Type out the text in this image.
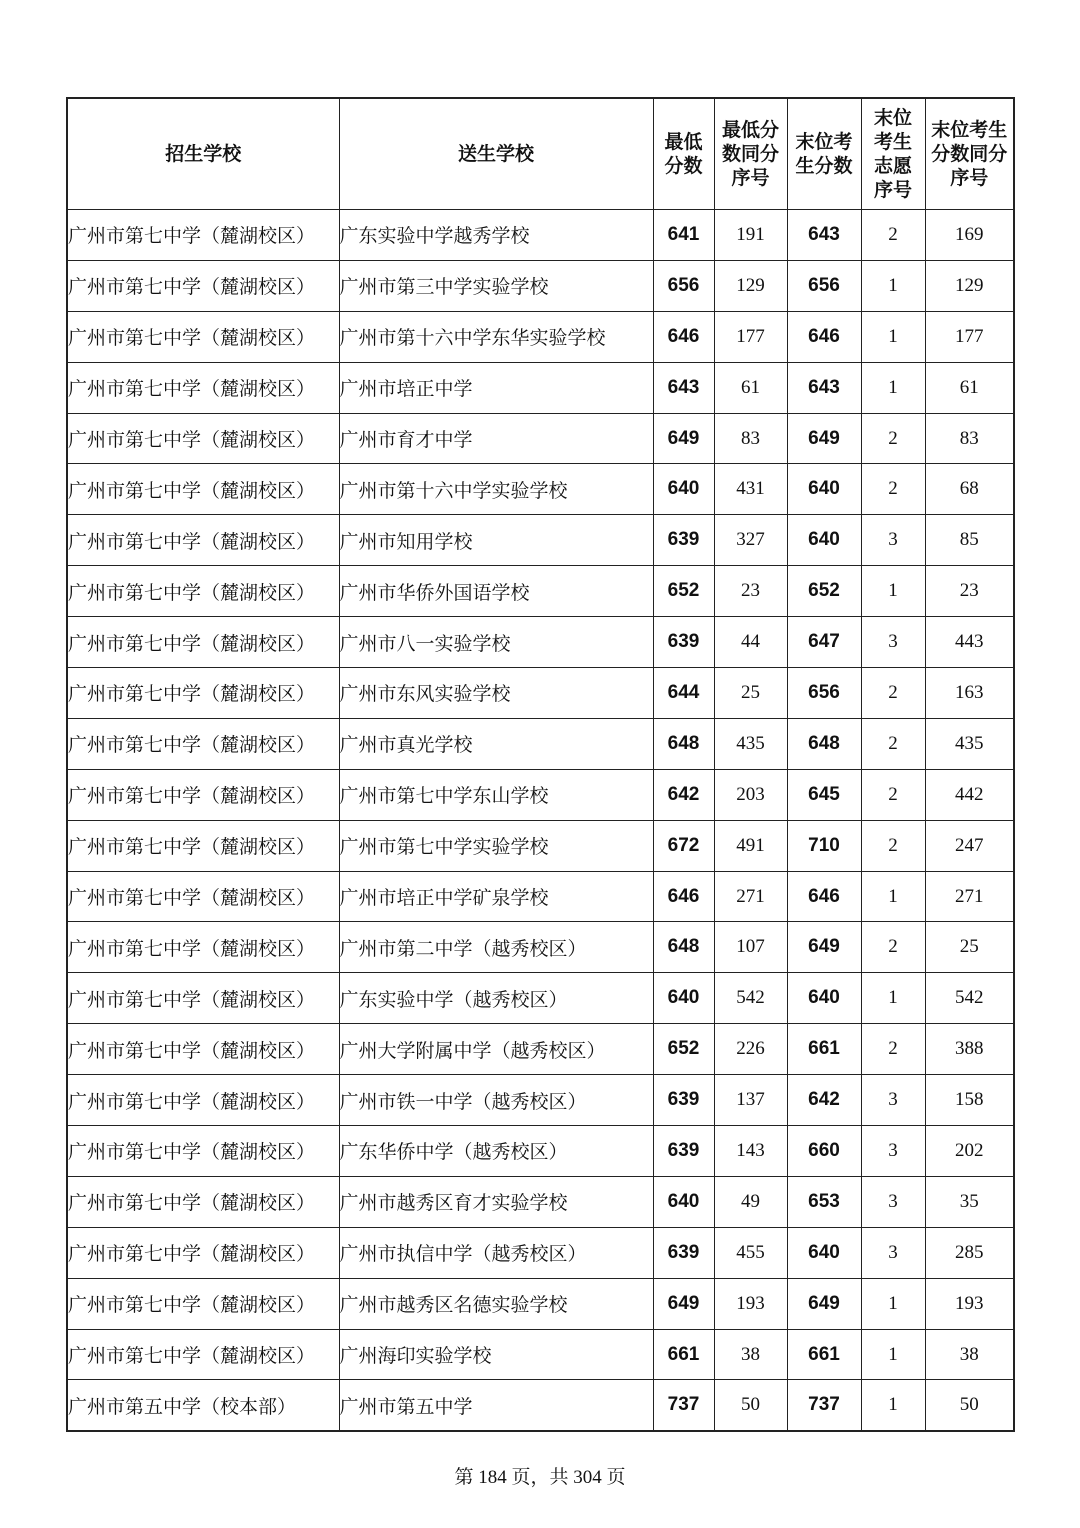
招生学校	送生学校	最低分数	最低分数同分序号	末位考生分数	末位考生志愿序号	末位考生分数同分序号
广州市第七中学（麓湖校区）	广东实验中学越秀学校	641	191	643	2	169
广州市第七中学（麓湖校区）	广州市第三中学实验学校	656	129	656	1	129
广州市第七中学（麓湖校区）	广州市第十六中学东华实验学校	646	177	646	1	177
广州市第七中学（麓湖校区）	广州市培正中学	643	61	643	1	61
广州市第七中学（麓湖校区）	广州市育才中学	649	83	649	2	83
广州市第七中学（麓湖校区）	广州市第十六中学实验学校	640	431	640	2	68
广州市第七中学（麓湖校区）	广州市知用学校	639	327	640	3	85
广州市第七中学（麓湖校区）	广州市华侨外国语学校	652	23	652	1	23
广州市第七中学（麓湖校区）	广州市八一实验学校	639	44	647	3	443
广州市第七中学（麓湖校区）	广州市东风实验学校	644	25	656	2	163
广州市第七中学（麓湖校区）	广州市真光学校	648	435	648	2	435
广州市第七中学（麓湖校区）	广州市第七中学东山学校	642	203	645	2	442
广州市第七中学（麓湖校区）	广州市第七中学实验学校	672	491	710	2	247
广州市第七中学（麓湖校区）	广州市培正中学矿泉学校	646	271	646	1	271
广州市第七中学（麓湖校区）	广州市第二中学（越秀校区）	648	107	649	2	25
广州市第七中学（麓湖校区）	广东实验中学（越秀校区）	640	542	640	1	542
广州市第七中学（麓湖校区）	广州大学附属中学（越秀校区）	652	226	661	2	388
广州市第七中学（麓湖校区）	广州市铁一中学（越秀校区）	639	137	642	3	158
广州市第七中学（麓湖校区）	广东华侨中学（越秀校区）	639	143	660	3	202
广州市第七中学（麓湖校区）	广州市越秀区育才实验学校	640	49	653	3	35
广州市第七中学（麓湖校区）	广州市执信中学（越秀校区）	639	455	640	3	285
广州市第七中学（麓湖校区）	广州市越秀区名德实验学校	649	193	649	1	193
广州市第七中学（麓湖校区）	广州海印实验学校	661	38	661	1	38
广州市第五中学（校本部）	广州市第五中学	737	50	737	1	50
第 184 页，共 304 页
